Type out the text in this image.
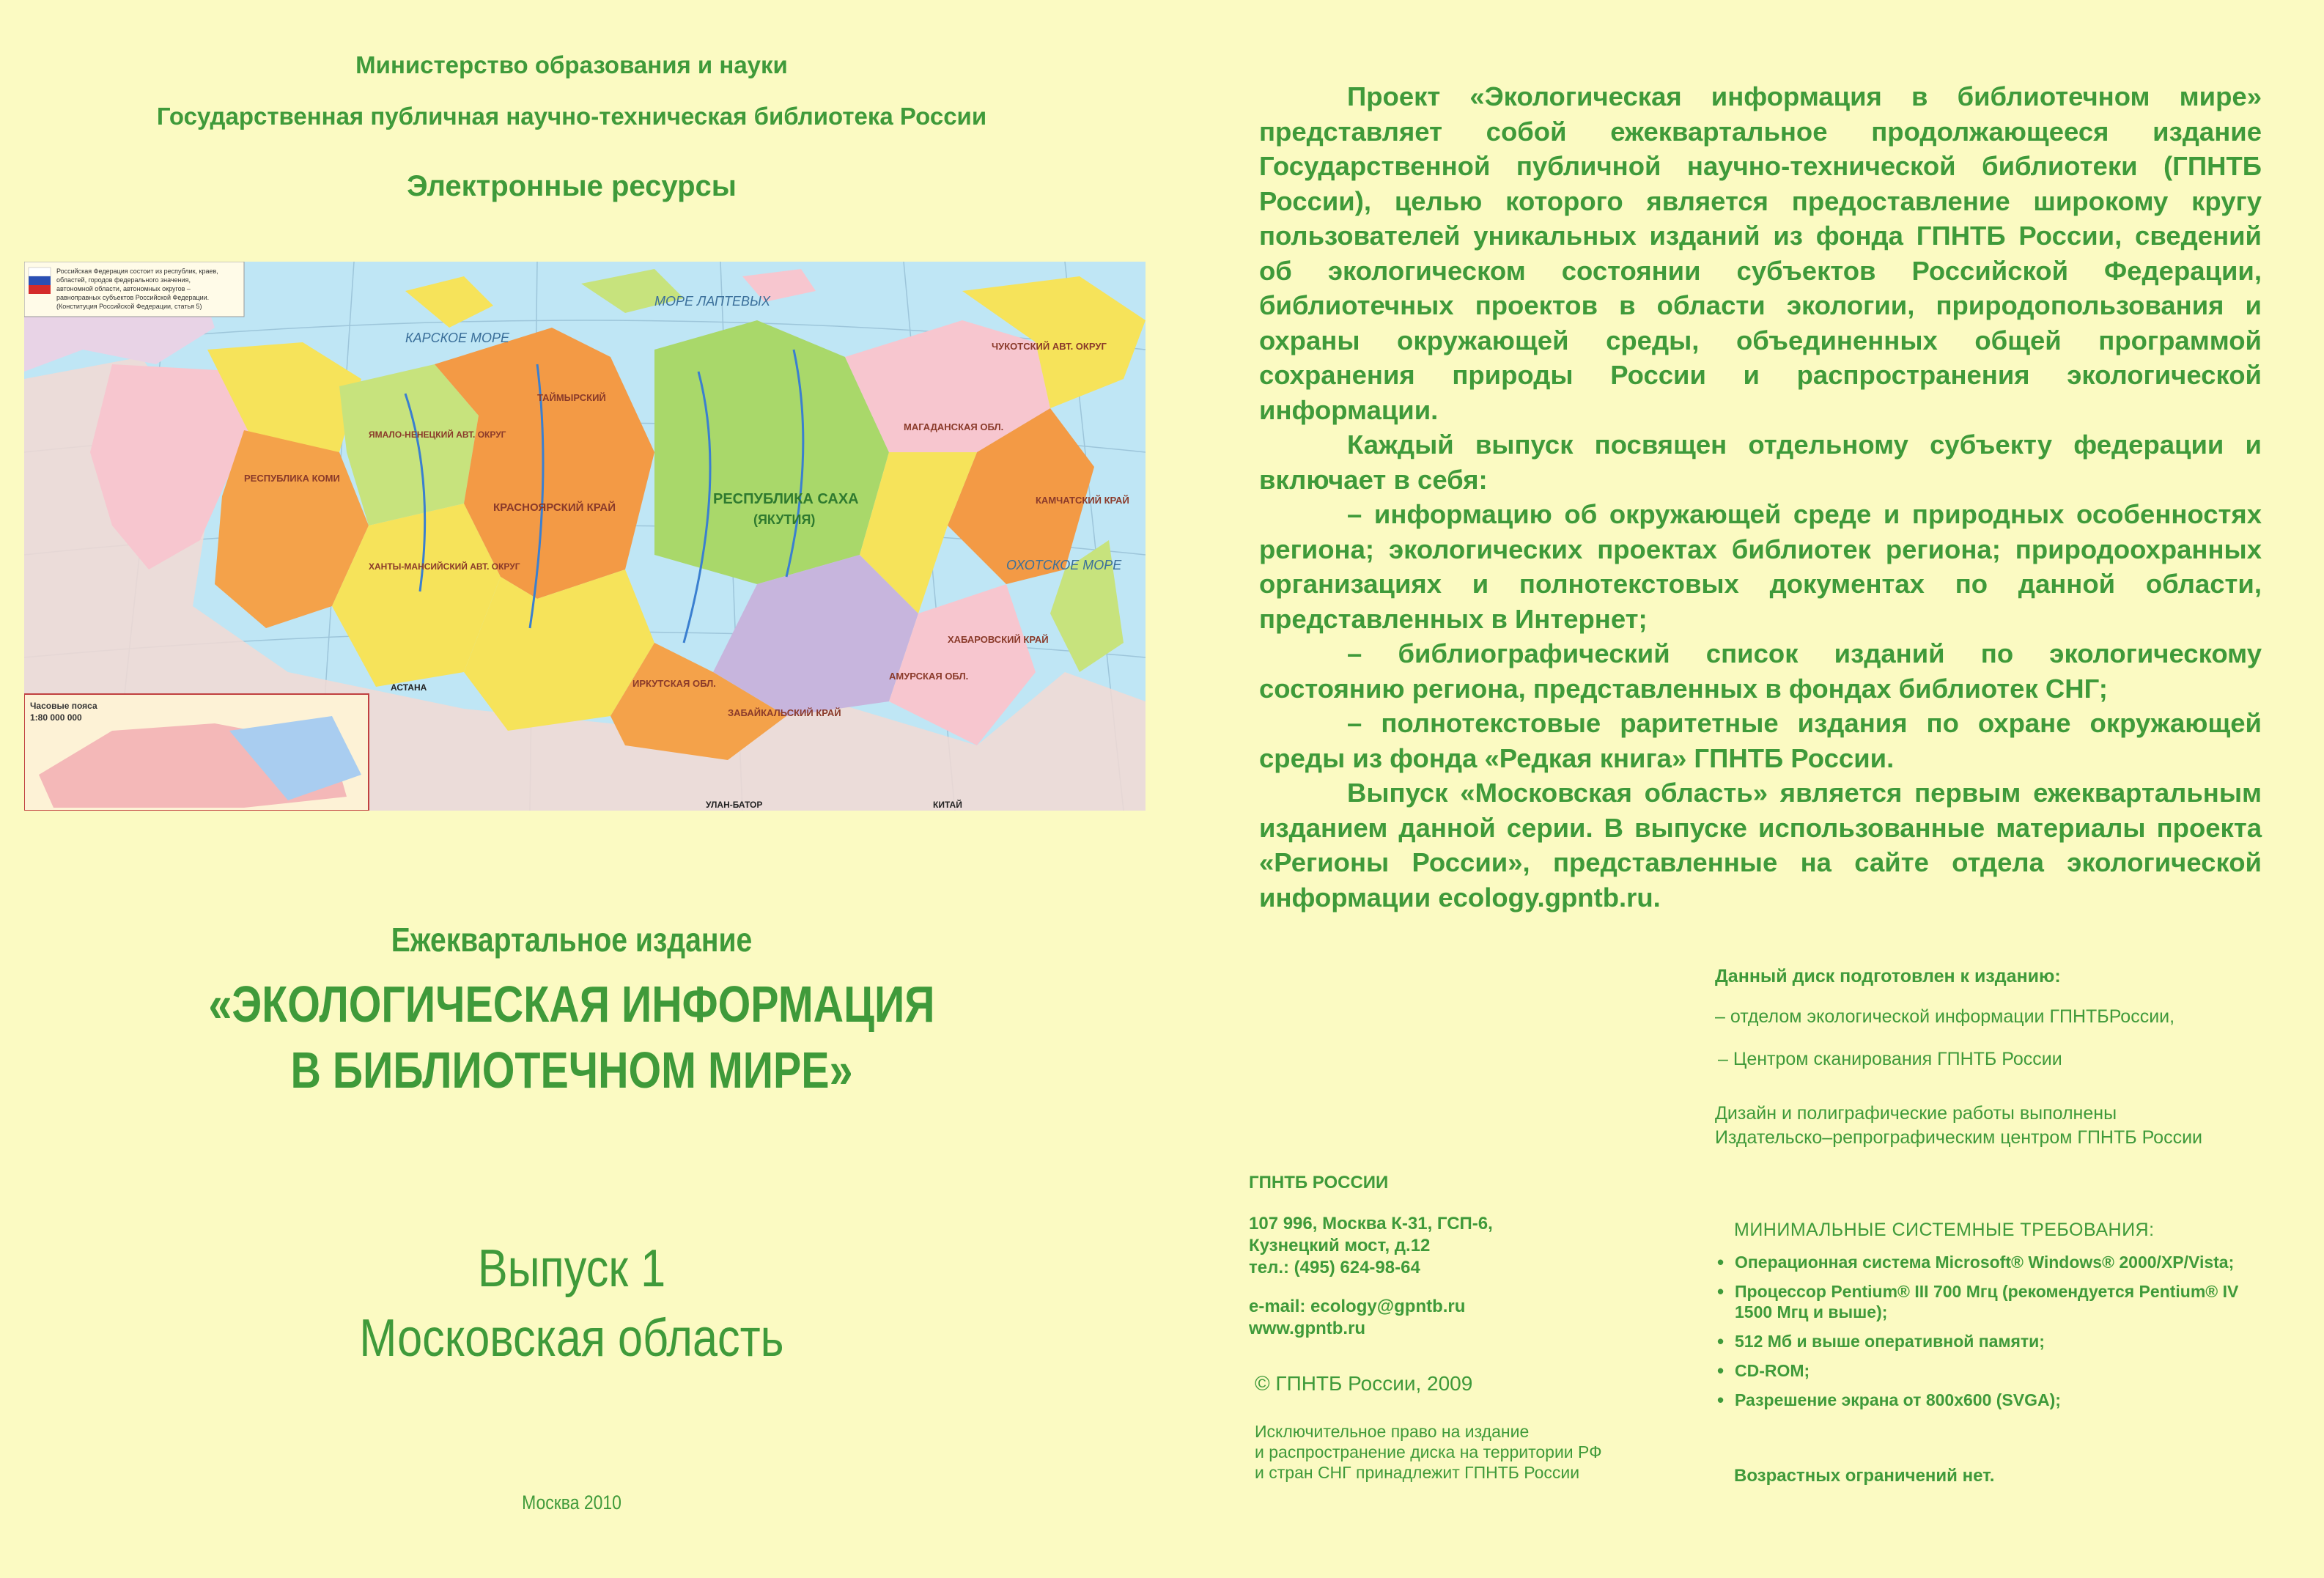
Министерство образования и науки
Государственная публичная научно-техническая библиотека России
Электронные ресурсы
Российская Федерация состоит из республик, краев,
областей, городов федерального значения,
автономной области, автономных округов –
равноправных субъектов Российской Федерации.
(Конституция Российской Федерации, статья 5)
Часовые пояса
1:80 000 000
РЕСПУБЛИКА САХА
(ЯКУТИЯ)
КРАСНОЯРСКИЙ КРАЙ
ЧУКОТСКИЙ АВТ. ОКРУГ
КАМЧАТСКИЙ КРАЙ
ХАБАРОВСКИЙ КРАЙ
МАГАДАНСКАЯ ОБЛ.
ТАЙМЫРСКИЙ
ЯМАЛО-НЕНЕЦКИЙ АВТ. ОКРУГ
ХАНТЫ-МАНСИЙСКИЙ АВТ. ОКРУГ
РЕСПУБЛИКА КОМИ
ИРКУТСКАЯ ОБЛ.
ЗАБАЙКАЛЬСКИЙ КРАЙ
АМУРСКАЯ ОБЛ.
МОРЕ ЛАПТЕВЫХ
КАРСКОЕ МОРЕ
ОХОТСКОЕ МОРЕ
АСТАНА
УЛАН-БАТОР	КИТАЙ
Ежеквартальное издание
«ЭКОЛОГИЧЕСКАЯ ИНФОРМАЦИЯ
В БИБЛИОТЕЧНОМ МИРЕ»
Выпуск 1
Московская область
Москва 2010

Проект «Экологическая информация в библиотечном мире» представляет собой ежеквартальное продолжающееся издание Государственной публичной научно-технической библиотеки (ГПНТБ России), целью которого является предоставление широкому кругу пользователей уникальных изданий из фонда ГПНТБ России, сведений об экологическом состоянии субъектов Российской Федерации, библиотечных проектов в области экологии, природопользования и охраны окружающей среды, объединенных общей программой сохранения природы России и распространения экологической информации.

Каждый выпуск посвящен отдельному субъекту федерации и включает в себя:

– информацию об окружающей среде и природных особенностях региона; экологических проектах библиотек региона; природоохранных организациях и полнотекстовых документах по данной области, представленных в Интернет;

– библиографический список изданий по экологическому состоянию региона, представленных в фондах библиотек СНГ;

– полнотекстовые раритетные издания по охране окружающей среды из фонда «Редкая книга» ГПНТБ России.

Выпуск «Московская область» является первым ежеквартальным изданием данной серии. В выпуске использованные материалы проекта «Регионы России», представленные на сайте отдела экологической информации ecology.gpntb.ru.

Данный диск подготовлен к изданию:
– отделом экологической информации ГПНТБРоссии,
– Центром сканирования ГПНТБ России
Дизайн и полиграфические работы выполнены
Издательско–репрографическим центром ГПНТБ России
ГПНТБ РОССИИ
107 996, Москва К-31, ГСП-6,
Кузнецкий мост, д.12
тел.: (495) 624-98-64
e-mail: ecology@gpntb.ru
www.gpntb.ru
© ГПНТБ России, 2009
Исключительное право на издание
и распространение диска на территории РФ
и стран СНГ принадлежит ГПНТБ России
МИНИМАЛЬНЫЕ СИСТЕМНЫЕ ТРЕБОВАНИЯ:
• Операционная система Microsoft® Windows® 2000/XP/Vista;
• Процессор Pentium® III 700 Мгц (рекомендуется Pentium® IV 1500 Мгц и выше);
• 512 Мб и выше оперативной памяти;
• CD-ROM;
• Разрешение экрана от 800x600 (SVGA);
Возрастных ограничений нет.
